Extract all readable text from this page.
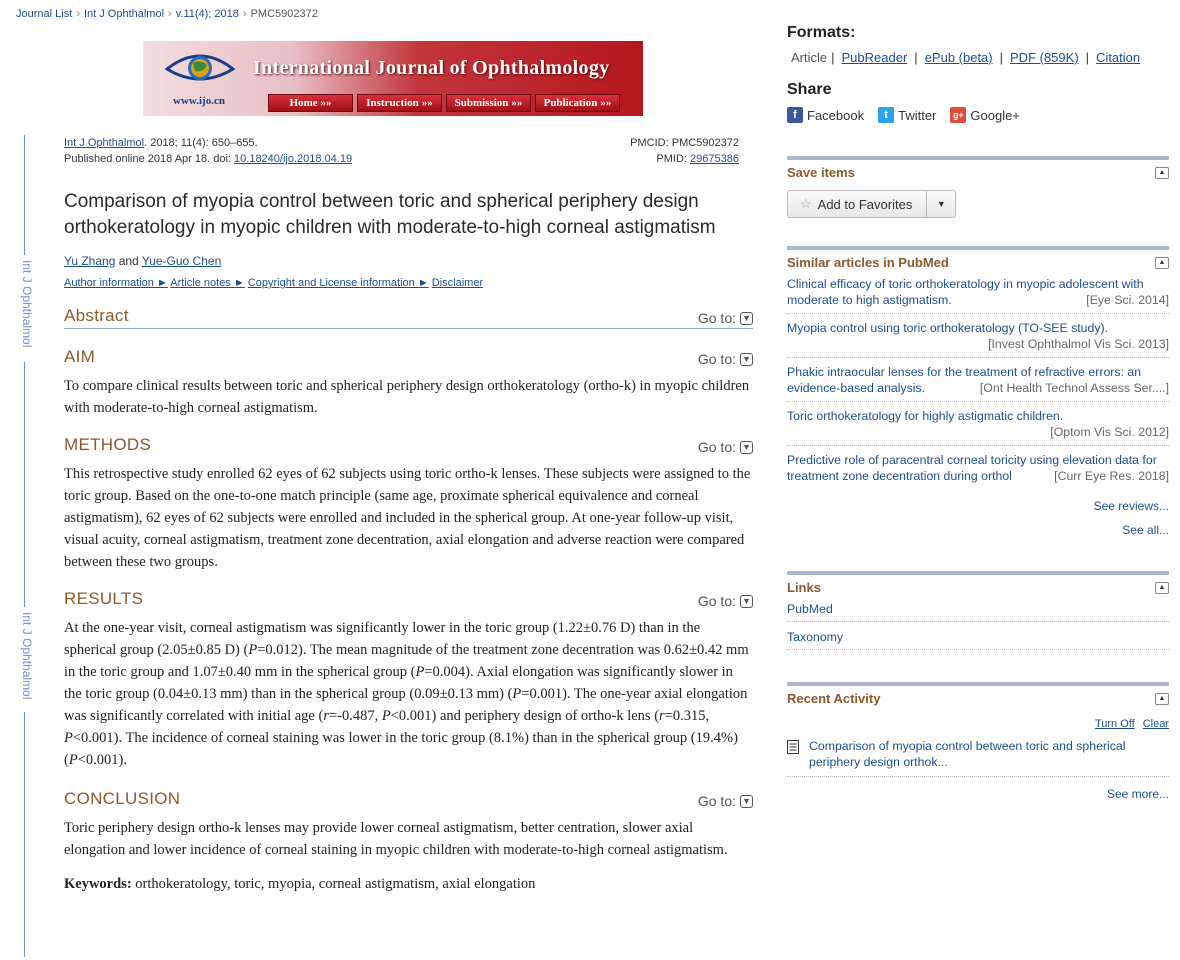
Journal List › Int J Ophthalmol › v.11(4); 2018 › PMC5902372
www.ijo.cn
International Journal of Ophthalmology
Home »»	Instruction »» Submission »» Publication »»
Int J Ophthalmol
Int J Ophthalmol
Int J Ophthalmol. 2018; 11(4): 650–655.
Published online 2018 Apr 18. doi: 10.18240/ijo.2018.04.19
PMCID: PMC5902372
PMID: 29675386
Comparison of myopia control between toric and spherical periphery design orthokeratology in myopic children with moderate-to-high corneal astigmatism
Yu Zhang and Yue-Guo Chen
Author information ► Article notes ► Copyright and License information ► Disclaimer
Abstract	Go to: ▼
AIM	Go to: ▼

To compare clinical results between toric and spherical periphery design orthokeratology (ortho-k) in myopic children with moderate-to-high corneal astigmatism.

METHODS	Go to: ▼

This retrospective study enrolled 62 eyes of 62 subjects using toric ortho-k lenses. These subjects were assigned to the toric group. Based on the one-to-one match principle (same age, proximate spherical equivalence and corneal astigmatism), 62 eyes of 62 subjects were enrolled and included in the spherical group. At one-year follow-up visit, visual acuity, corneal astigmatism, treatment zone decentration, axial elongation and adverse reaction were compared between these two groups.

RESULTS	Go to: ▼

At the one-year visit, corneal astigmatism was significantly lower in the toric group (1.22±0.76 D) than in the spherical group (2.05±0.85 D) (P=0.012). The mean magnitude of the treatment zone decentration was 0.62±0.42 mm in the toric group and 1.07±0.40 mm in the spherical group (P=0.004). Axial elongation was significantly slower in the toric group (0.04±0.13 mm) than in the spherical group (0.09±0.13 mm) (P=0.001). The one-year axial elongation was significantly correlated with initial age (r=-0.487, P<0.001) and periphery design of ortho-k lens (r=0.315, P<0.001). The incidence of corneal staining was lower in the toric group (8.1%) than in the spherical group (19.4%) (P<0.001).

CONCLUSION	Go to: ▼

Toric periphery design ortho-k lenses may provide lower corneal astigmatism, better centration, slower axial elongation and lower incidence of corneal staining in myopic children with moderate-to-high corneal astigmatism.

Keywords: orthokeratology, toric, myopia, corneal astigmatism, axial elongation

Formats:
Article | PubReader | ePub (beta) | PDF (859K) | Citation
Share
f Facebook	t Twitter g+ Google+
Save items	▲
☆ Add to Favorites	▼
Similar articles in PubMed	▲
Clinical efficacy of toric orthokeratology in myopic adolescent with moderate to high astigmatism.	[Eye Sci. 2014]
Myopia control using toric orthokeratology (TO-SEE study).
[Invest Ophthalmol Vis Sci. 2013]
Phakic intraocular lenses for the treatment of refractive errors: an evidence-based analysis.	[Ont Health Technol Assess Ser....]
Toric orthokeratology for highly astigmatic children.
[Optom Vis Sci. 2012]
Predictive role of paracentral corneal toricity using elevation data for treatment zone decentration during orthol	[Curr Eye Res. 2018]
See reviews...
See all...
Links	▲
PubMed
Taxonomy
Recent Activity	▲
Turn Off Clear
Comparison of myopia control between toric and spherical periphery design orthok...
See more...
